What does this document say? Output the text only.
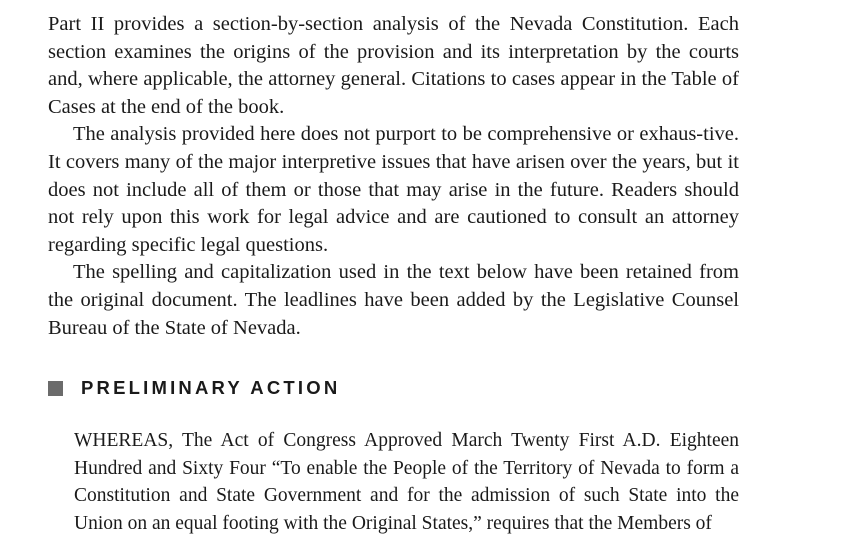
Part II provides a section-by-section analysis of the Nevada Constitution. Each section examines the origins of the provision and its interpretation by the courts and, where applicable, the attorney general. Citations to cases appear in the Table of Cases at the end of the book.

The analysis provided here does not purport to be comprehensive or exhaus-tive. It covers many of the major interpretive issues that have arisen over the years, but it does not include all of them or those that may arise in the future. Readers should not rely upon this work for legal advice and are cautioned to consult an attorney regarding specific legal questions.

The spelling and capitalization used in the text below have been retained from the original document. The leadlines have been added by the Legislative Counsel Bureau of the State of Nevada.

PRELIMINARY ACTION

WHEREAS, The Act of Congress Approved March Twenty First A.D. Eighteen Hundred and Sixty Four “To enable the People of the Territory of Nevada to form a Constitution and State Government and for the admission of such State into the Union on an equal footing with the Original States,” requires that the Members of
